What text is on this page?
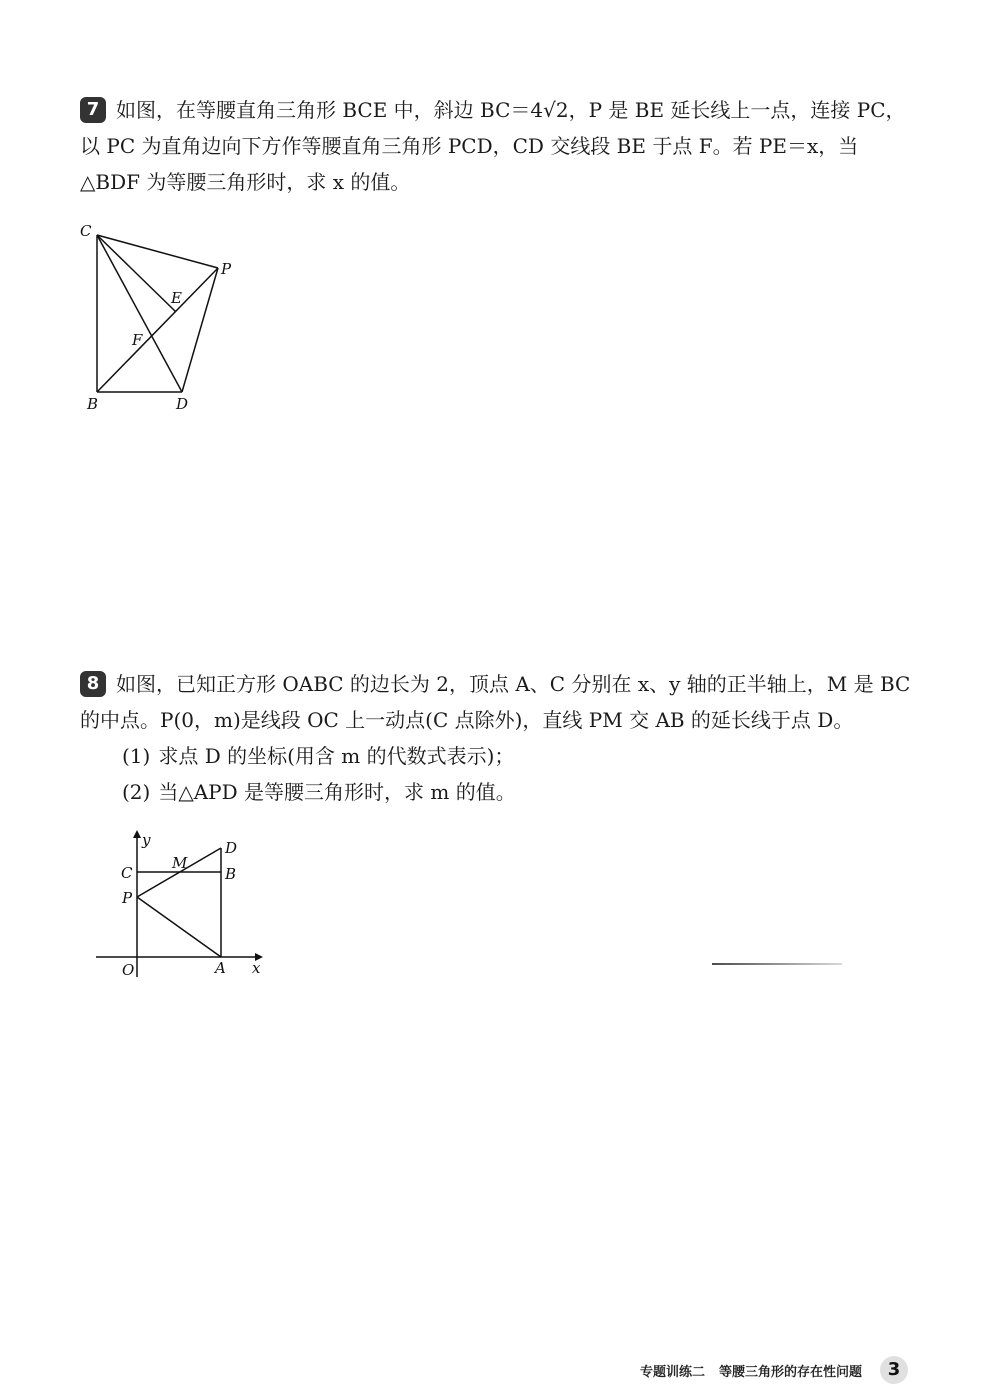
7 如图，在等腰直角三角形 BCE 中，斜边 BC＝4√2，P 是 BE 延长线上一点，连接 PC，
以 PC 为直角边向下方作等腰直角三角形 PCD，CD 交线段 BE 于点 F。若 PE＝x，当
△BDF 为等腰三角形时，求 x 的值。
C
P
E
F
B	D
8 如图，已知正方形 OABC 的边长为 2，顶点 A、C 分别在 x、y 轴的正半轴上，M 是 BC
的中点。P(0，m)是线段 OC 上一动点(C 点除外)，直线 PM 交 AB 的延长线于点 D。
(1) 求点 D 的坐标(用含 m 的代数式表示)；
(2) 当△APD 是等腰三角形时，求 m 的值。
y
x
C
M
D
B
P
O	A
专题训练二 等腰三角形的存在性问题	3
